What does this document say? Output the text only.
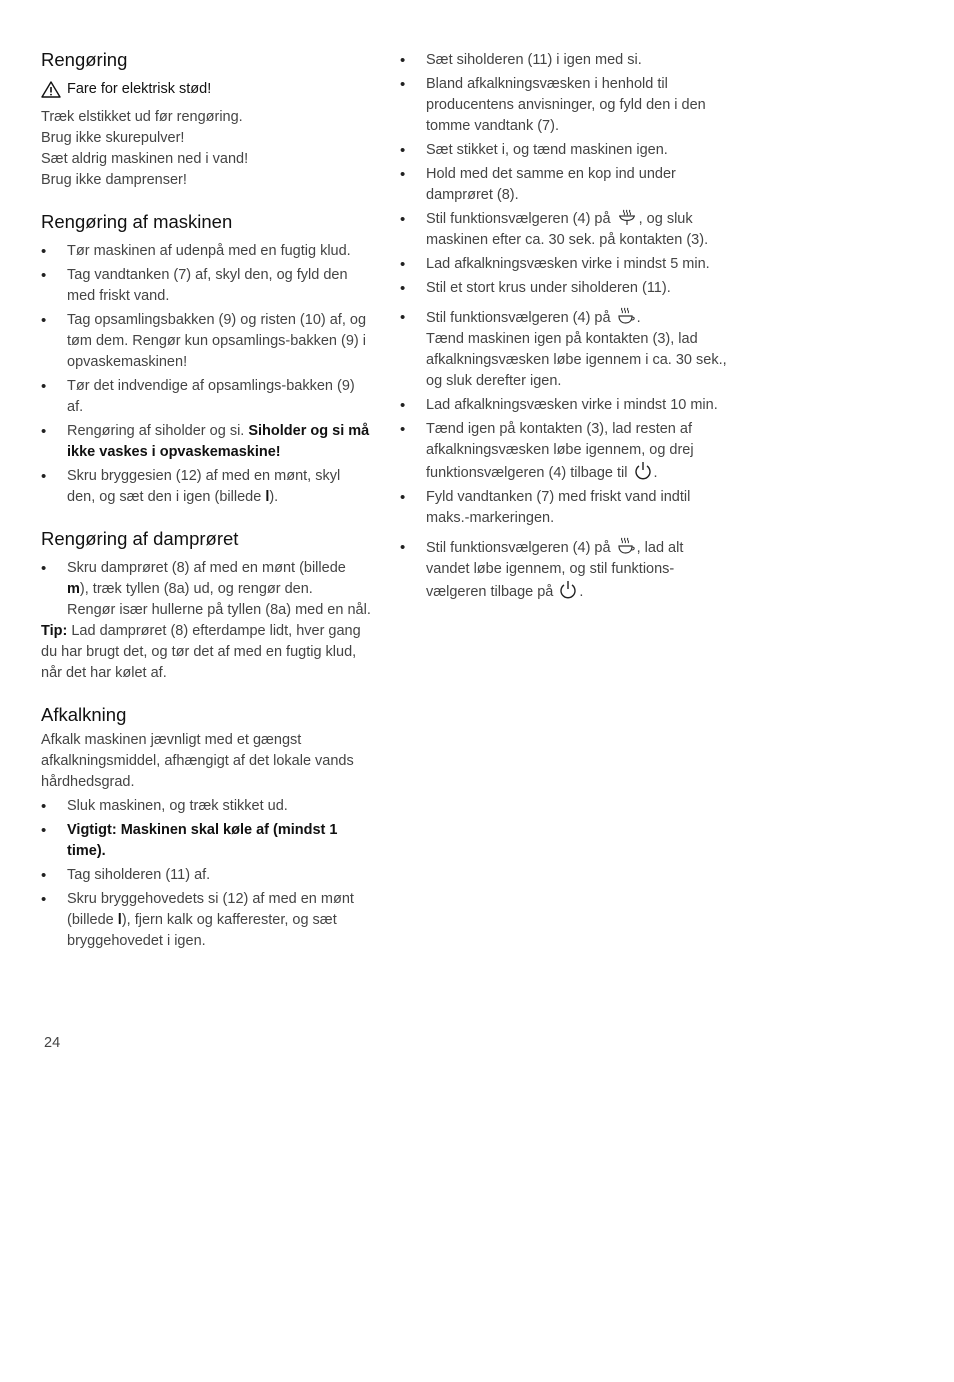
Rengøring
Fare for elektrisk stød!

Træk elstikket ud før rengøring.

Brug ikke skurepulver!

Sæt aldrig maskinen ned i vand!

Brug ikke damprenser!

Rengøring af maskinen
• Tør maskinen af udenpå med en fugtig klud.
• Tag vandtanken (7) af, skyl den, og fyld den med friskt vand.
• Tag opsamlingsbakken (9) og risten (10) af, og tøm dem. Rengør kun opsamlings-bakken (9) i opvaskemaskinen!
• Tør det indvendige af opsamlings-bakken (9) af.
• Rengøring af siholder og si. Siholder og si må ikke vaskes i opvaskemaskine!
• Skru bryggesien (12) af med en mønt, skyl den, og sæt den i igen (billede l).
Rengøring af damprøret
• Skru damprøret (8) af med en mønt (billede m), træk tyllen (8a) ud, og rengør den.
Rengør især hullerne på tyllen (8a) med en nål.

Tip: Lad damprøret (8) efterdampe lidt, hver gang du har brugt det, og tør det af med en fugtig klud, når det har kølet af.

Afkalkning

Afkalk maskinen jævnligt med et gængst afkalkningsmiddel, afhængigt af det lokale vands hårdhedsgrad.

• Sluk maskinen, og træk stikket ud.
• Vigtigt: Maskinen skal køle af (mindst 1 time).
• Tag siholderen (11) af.
• Skru bryggehovedets si (12) af med en mønt (billede l), fjern kalk og kafferester, og sæt bryggehovedet i igen.
• Sæt siholderen (11) i igen med si.
• Bland afkalkningsvæsken i henhold til producentens anvisninger, og fyld den i den tomme vandtank (7).
• Sæt stikket i, og tænd maskinen igen.
• Hold med det samme en kop ind under damprøret (8).
• Stil funktionsvælgeren (4) på , og sluk maskinen efter ca. 30 sek. på kontakten (3).
• Lad afkalkningsvæsken virke i mindst 5 min.
• Stil et stort krus under siholderen (11).
• Stil funktionsvælgeren (4) på .
Tænd maskinen igen på kontakten (3), lad afkalkningsvæsken løbe igennem i ca. 30 sek., og sluk derefter igen.
• Lad afkalkningsvæsken virke i mindst 10 min.
• Tænd igen på kontakten (3), lad resten af afkalkningsvæsken løbe igennem, og drej funktionsvælgeren (4) tilbage til .
• Fyld vandtanken (7) med friskt vand indtil maks.-markeringen.
• Stil funktionsvælgeren (4) på , lad alt vandet løbe igennem, og stil funktions-vælgeren tilbage på .
24
